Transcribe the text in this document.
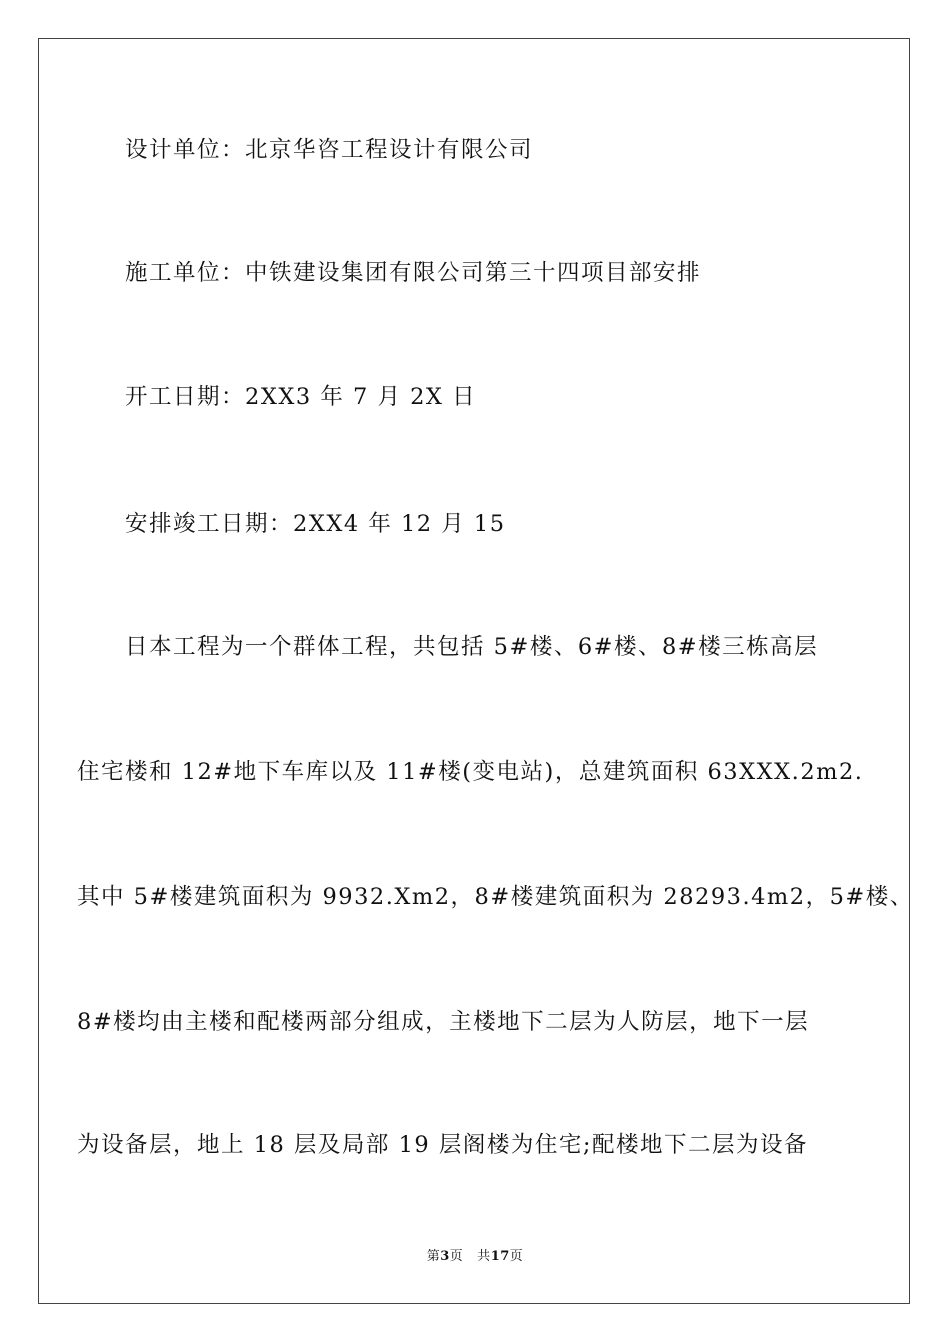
设计单位：北京华咨工程设计有限公司
施工单位：中铁建设集团有限公司第三十四项目部安排
开工日期：2XX3 年 7 月 2X 日
安排竣工日期：2XX4 年 12 月 15
日本工程为一个群体工程，共包括 5#楼、6#楼、8#楼三栋高层
住宅楼和 12#地下车库以及 11#楼(变电站)，总建筑面积 63XXX.2m2.
其中 5#楼建筑面积为 9932.Xm2，8#楼建筑面积为 28293.4m2，5#楼、
8#楼均由主楼和配楼两部分组成，主楼地下二层为人防层，地下一层
为设备层，地上 18 层及局部 19 层阁楼为住宅;配楼地下二层为设备
第3页 共17页
